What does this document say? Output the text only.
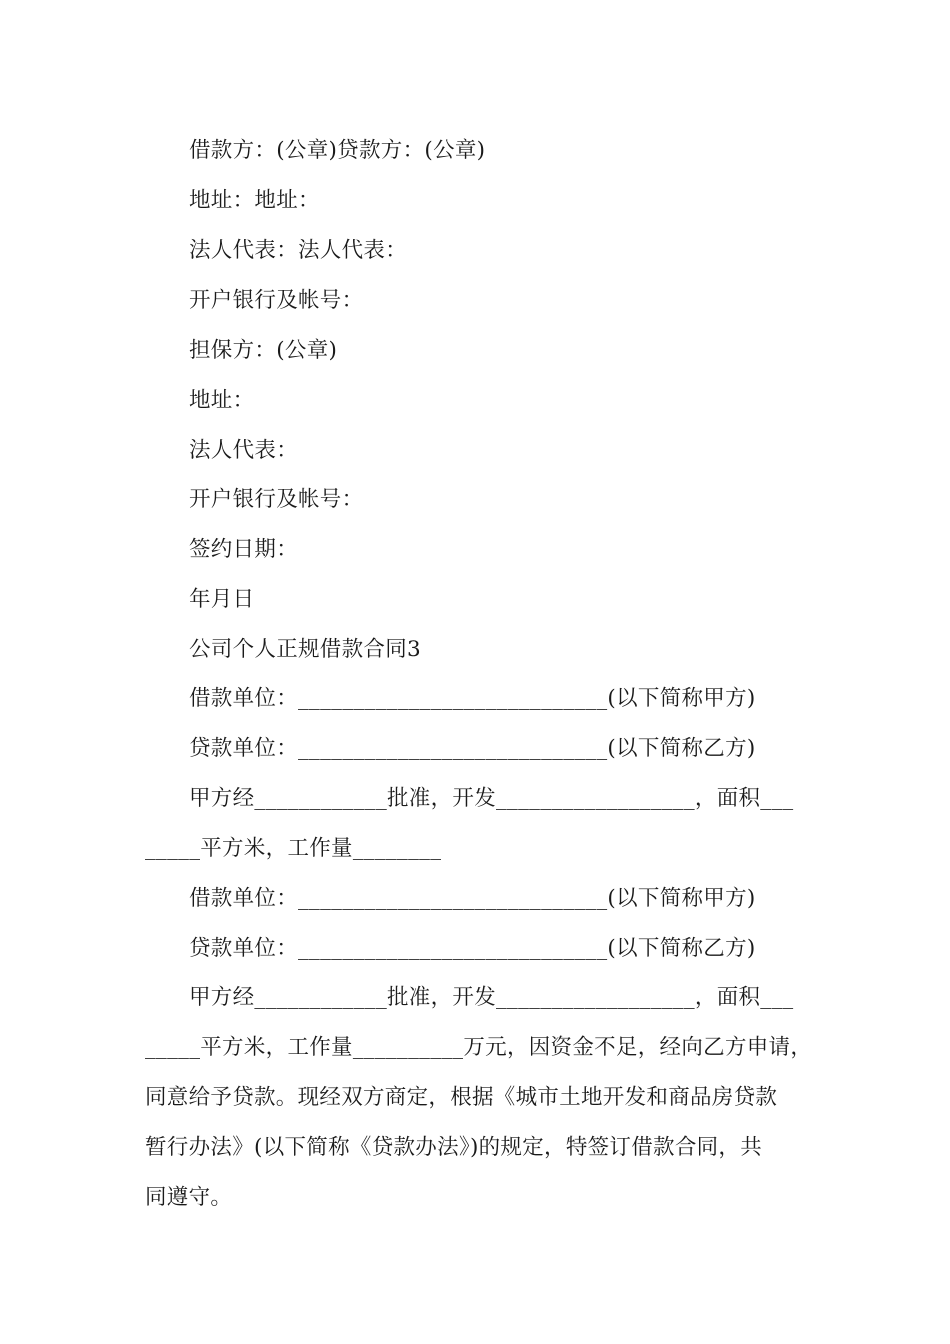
借款方：(公章)贷款方：(公章)
地址：地址：
法人代表：法人代表：
开户银行及帐号：
担保方：(公章)
地址：
法人代表：
开户银行及帐号：
签约日期：
年月日
公司个人正规借款合同3
借款单位：____________________________(以下简称甲方)
贷款单位：____________________________(以下简称乙方)
甲方经____________批准，开发__________________，面积___
_____平方米，工作量________
借款单位：____________________________(以下简称甲方)
贷款单位：____________________________(以下简称乙方)
甲方经____________批准，开发__________________，面积___
_____平方米，工作量__________万元，因资金不足，经向乙方申请，
同意给予贷款。现经双方商定，根据《城市土地开发和商品房贷款
暂行办法》(以下简称《贷款办法》)的规定，特签订借款合同，共
同遵守。
